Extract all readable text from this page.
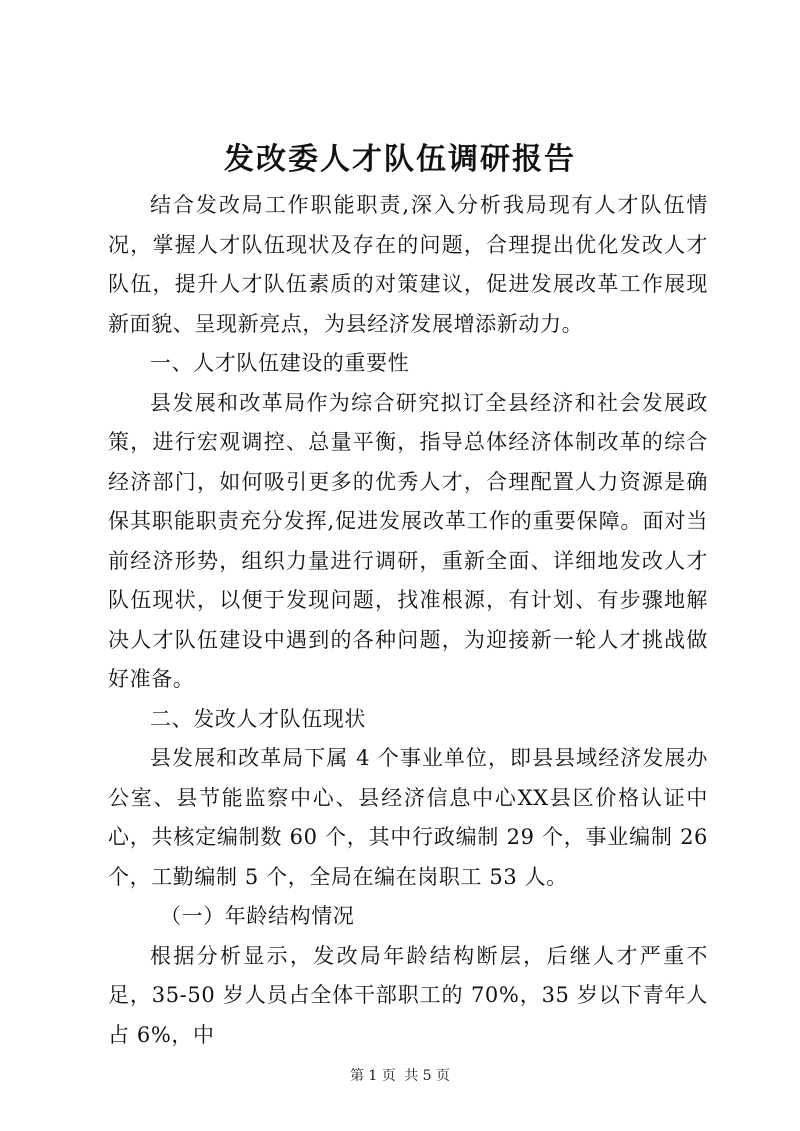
发改委人才队伍调研报告

结合发改局工作职能职责,深入分析我局现有人才队伍情况，掌握人才队伍现状及存在的问题，合理提出优化发改人才队伍，提升人才队伍素质的对策建议，促进发展改革工作展现新面貌、呈现新亮点，为县经济发展增添新动力。

一、人才队伍建设的重要性

县发展和改革局作为综合研究拟订全县经济和社会发展政策，进行宏观调控、总量平衡，指导总体经济体制改革的综合经济部门，如何吸引更多的优秀人才，合理配置人力资源是确保其职能职责充分发挥,促进发展改革工作的重要保障。面对当前经济形势，组织力量进行调研，重新全面、详细地发改人才队伍现状，以便于发现问题，找准根源，有计划、有步骤地解决人才队伍建设中遇到的各种问题，为迎接新一轮人才挑战做好准备。

二、发改人才队伍现状

县发展和改革局下属 4 个事业单位，即县县域经济发展办公室、县节能监察中心、县经济信息中心XX县区价格认证中心，共核定编制数 60 个，其中行政编制 29 个，事业编制 26 个，工勤编制 5 个，全局在编在岗职工 53 人。

（一）年龄结构情况

根据分析显示，发改局年龄结构断层，后继人才严重不足，35-50 岁人员占全体干部职工的 70%，35 岁以下青年人占 6%，中

第 1 页 共 5 页
